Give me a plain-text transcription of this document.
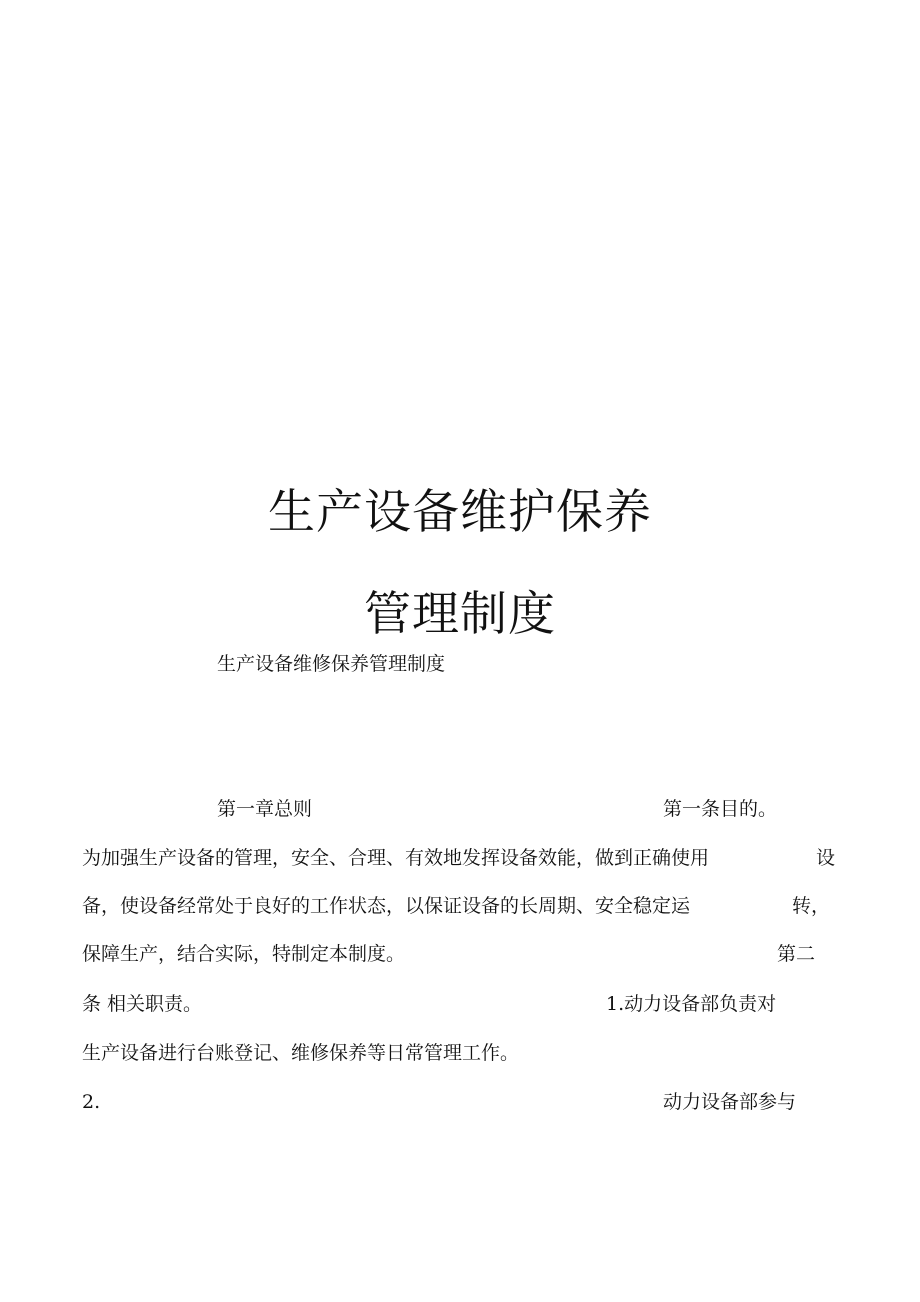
生产设备维护保养
管理制度
生产设备维修保养管理制度
第一章总则	第一条目的。
为加强生产设备的管理，安全、合理、有效地发挥设备效能，做到正确使用	设
备，使设备经常处于良好的工作状态，以保证设备的长周期、安全稳定运	转，
保障生产，结合实际，特制定本制度。	第二
条 相关职责。	1.动力设备部负责对
生产设备进行台账登记、维修保养等日常管理工作。
2.	动力设备部参与
